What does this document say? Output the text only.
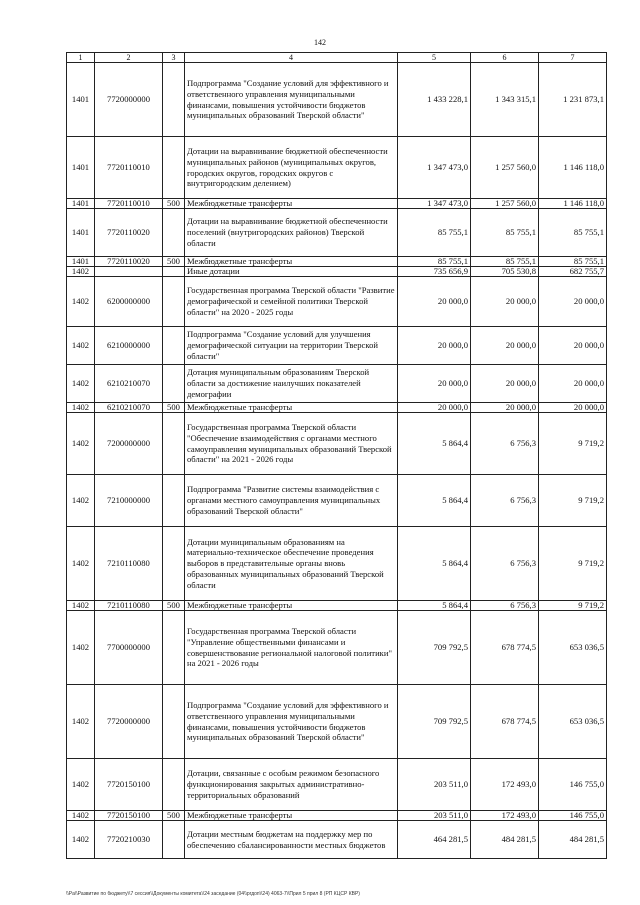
142
1	2	3	4	5	6	7
1401	7720000000		Подпрограмма "Создание условий для эффективного и ответственного управления муниципальными финансами, повышения устойчивости бюджетов муниципальных образований Тверской области"	1 433 228,1	1 343 315,1	1 231 873,1
1401	7720110010		Дотации на выравнивание бюджетной обеспеченности муниципальных районов (муниципальных округов, городских округов, городских округов с внутригородским делением)	1 347 473,0	1 257 560,0	1 146 118,0
1401	7720110010	500	Межбюджетные трансферты	1 347 473,0	1 257 560,0	1 146 118,0
1401	7720110020		Дотации на выравнивание бюджетной обеспеченности поселений (внутригородских районов) Тверской области	85 755,1	85 755,1	85 755,1
1401	7720110020	500	Межбюджетные трансферты	85 755,1	85 755,1	85 755,1
1402			Иные дотации	735 656,9	705 530,8	682 755,7
1402	6200000000		Государственная программа Тверской области "Развитие демографической и семейной политики Тверской области" на 2020 - 2025 годы	20 000,0	20 000,0	20 000,0
1402	6210000000		Подпрограмма "Создание условий для улучшения демографической ситуации на территории Тверской области"	20 000,0	20 000,0	20 000,0
1402	6210210070		Дотация муниципальным образованиям Тверской области за достижение наилучших показателей демографии	20 000,0	20 000,0	20 000,0
1402	6210210070	500	Межбюджетные трансферты	20 000,0	20 000,0	20 000,0
1402	7200000000		Государственная программа Тверской области "Обеспечение взаимодействия с органами местного самоуправления муниципальных образований Тверской области" на 2021 - 2026 годы	5 864,4	6 756,3	9 719,2
1402	7210000000		Подпрограмма "Развитие системы взаимодействия с органами местного самоуправления муниципальных образований Тверской области"	5 864,4	6 756,3	9 719,2
1402	7210110080		Дотации муниципальным образованиям на материально-техническое обеспечение проведения выборов в представительные органы вновь образованных муниципальных образований Тверской области	5 864,4	6 756,3	9 719,2
1402	7210110080	500	Межбюджетные трансферты	5 864,4	6 756,3	9 719,2
1402	7700000000		Государственная программа Тверской области "Управление общественными финансами и совершенствование региональной налоговой политики" на 2021 - 2026 годы	709 792,5	678 774,5	653 036,5
1402	7720000000		Подпрограмма "Создание условий для эффективного и ответственного управления муниципальными финансами, повышения устойчивости бюджетов муниципальных образований Тверской области"	709 792,5	678 774,5	653 036,5
1402	7720150100		Дотации, связанные с особым режимом безопасного функционирования закрытых административно-территориальных образований	203 511,0	172 493,0	146 755,0
1402	7720150100	500	Межбюджетные трансферты	203 511,0	172 493,0	146 755,0
1402	7720210030		Дотации местным бюджетам на поддержку мер по обеспечению сбалансированности местных бюджетов	464 281,5	484 281,5	484 281,5
\\Pa\\Развитие по бюджету\\7 сессия\\Документы комитета\\24 заседание (04\\ргдоп\\24) 4063-7\\Прил 5 прил 8 (РП КЦСР КВР)
